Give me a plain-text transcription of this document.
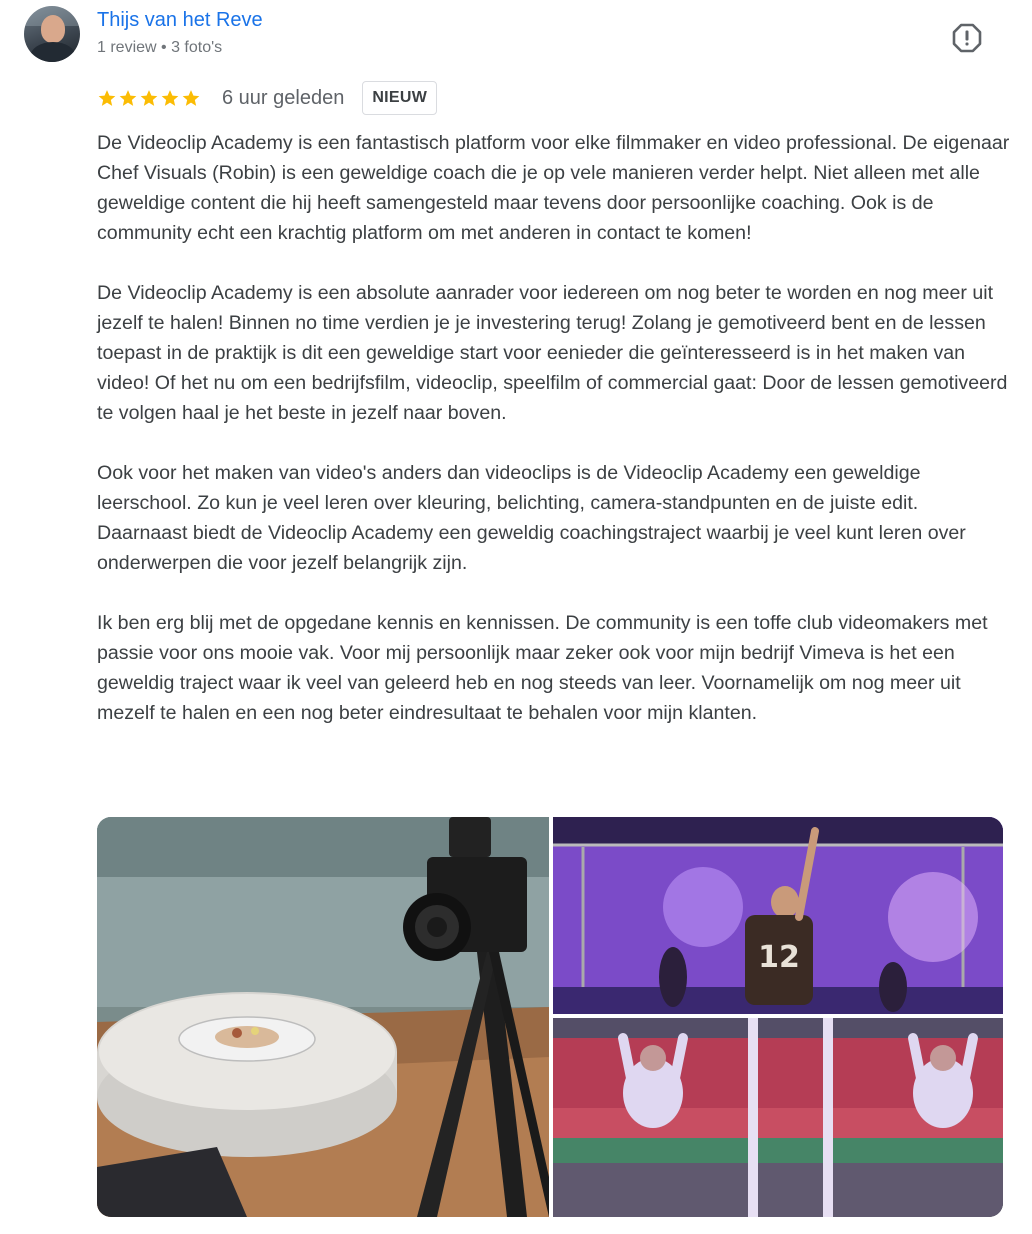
Thijs van het Reve
1 review • 3 foto's
6 uur geleden	NIEUW

De Videoclip Academy is een fantastisch platform voor elke filmmaker en video professional. De eigenaar Chef Visuals (Robin) is een geweldige coach die je op vele manieren verder helpt. Niet alleen met alle geweldige content die hij heeft samengesteld maar tevens door persoonlijke coaching. Ook is de community echt een krachtig platform om met anderen in contact te komen!

De Videoclip Academy is een absolute aanrader voor iedereen om nog beter te worden en nog meer uit jezelf te halen! Binnen no time verdien je je investering terug! Zolang je gemotiveerd bent en de lessen toepast in de praktijk is dit een geweldige start voor eenieder die geïnteresseerd is in het maken van video! Of het nu om een bedrijfsfilm, videoclip, speelfilm of commercial gaat: Door de lessen gemotiveerd te volgen haal je het beste in jezelf naar boven.

Ook voor het maken van video's anders dan videoclips is de Videoclip Academy een geweldige leerschool. Zo kun je veel leren over kleuring, belichting, camera-standpunten en de juiste edit. Daarnaast biedt de Videoclip Academy een geweldig coachingstraject waarbij je veel kunt leren over onderwerpen die voor jezelf belangrijk zijn.

Ik ben erg blij met de opgedane kennis en kennissen. De community is een toffe club videomakers met passie voor ons mooie vak. Voor mij persoonlijk maar zeker ook voor mijn bedrijf Vimeva is het een geweldig traject waar ik veel van geleerd heb en nog steeds van leer. Voornamelijk om nog meer uit mezelf te halen en een nog beter eindresultaat te behalen voor mijn klanten.

12
